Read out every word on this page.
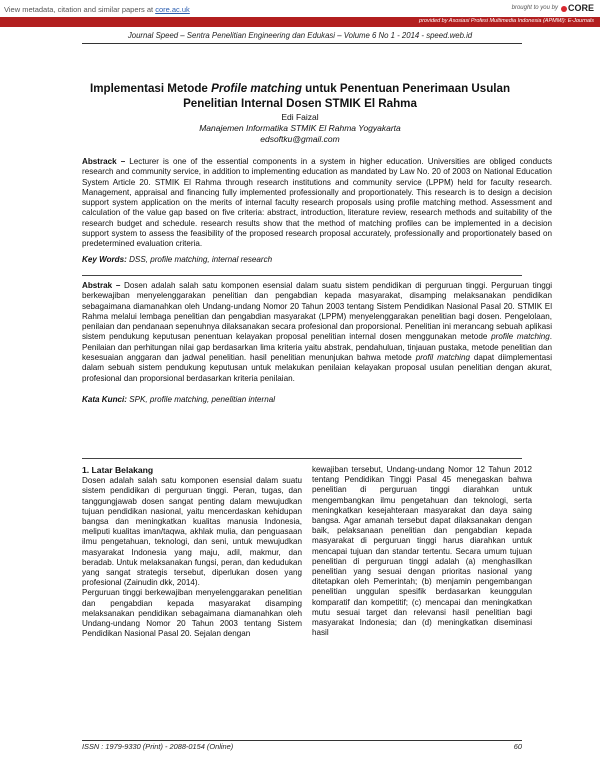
View metadata, citation and similar papers at core.ac.uk	brought to you by	CORE
provided by Asosiasi Profesi Multimedia Indonesia (APMMI): E-Journals
Journal Speed – Sentra Penelitian Engineering dan Edukasi – Volume 6 No 1 - 2014 - speed.web.id
Implementasi Metode Profile matching untuk Penentuan Penerimaan Usulan
Penelitian Internal Dosen STMIK El Rahma
Edi Faizal
Manajemen Informatika STMIK El Rahma Yogyakarta
edsoftku@gmail.com
Abstrack – Lecturer is one of the essential components in a system in higher education. Universities are obliged conducts research and community service, in addition to implementing education as mandated by Law No. 20 of 2003 on National Education System Article 20. STMIK El Rahma through research institutions and community service (LPPM) held for faculty research. Management, appraisal and financing fully implemented professionally and proportionately. This research is to design a decision support system application on the merits of internal faculty research proposals using profile matching method. Assessment and calculation of the value gap based on five criteria: abstract, introduction, literature review, research methods and suitability of the research budget and schedule. research results show that the method of matching profiles can be implemented in a decision support system to assess the feasibility of the proposed research proposal accurately, professionally and proportionately based on predetermined evaluation criteria.
Key Words: DSS, profile matching, internal research
Abstrak – Dosen adalah salah satu komponen esensial dalam suatu sistem pendidikan di perguruan tinggi. Perguruan tinggi berkewajiban menyelenggarakan penelitian dan pengabdian kepada masyarakat, disamping melaksanakan pendidikan sebagaimana diamanahkan oleh Undang-undang Nomor 20 Tahun 2003 tentang Sistem Pendidikan Nasional Pasal 20. STMIK El Rahma melalui lembaga penelitian dan pengabdian masyarakat (LPPM) menyelenggarakan penelitian bagi dosen. Pengelolaan, penilaian dan pendanaan sepenuhnya dilaksanakan secara profesional dan proporsional. Penelitian ini merancang sebuah aplikasi sistem pendukung keputusan penentuan kelayakan proposal penelitian internal dosen menggunakan metode profile matching. Penilaian dan perhitungan nilai gap berdasarkan lima kriteria yaitu abstrak, pendahuluan, tinjauan pustaka, metode penelitian dan kesesuaian anggaran dan jadwal penelitian. hasil penelitian menunjukan bahwa metode profil matching dapat diimplementasi dalam sebuah sistem pendukung keputusan untuk melakukan penilaian kelayakan proposal usulan penelitian dengan akurat, profesional dan proporsional berdasarkan kriteria penilaian.
Kata Kunci: SPK, profile matching, penelitian internal
1. Latar Belakang

Dosen adalah salah satu komponen esensial dalam suatu sistem pendidikan di perguruan tinggi. Peran, tugas, dan tanggungjawab dosen sangat penting dalam mewujudkan tujuan pendidikan nasional, yaitu mencerdaskan kehidupan bangsa dan meningkatkan kualitas manusia Indonesia, meliputi kualitas iman/taqwa, akhlak mulia, dan penguasaan ilmu pengetahuan, teknologi, dan seni, untuk mewujudkan masyarakat Indonesia yang maju, adil, makmur, dan beradab. Untuk melaksanakan fungsi, peran, dan kedudukan yang sangat strategis tersebut, diperlukan dosen yang profesional (Zainudin dkk, 2014).

Perguruan tinggi berkewajiban menyelenggarakan penelitian dan pengabdian kepada masyarakat disamping melaksanakan pendidikan sebagaimana diamanahkan oleh Undang-undang Nomor 20 Tahun 2003 tentang Sistem Pendidikan Nasional Pasal 20. Sejalan dengan

kewajiban tersebut, Undang-undang Nomor 12 Tahun 2012 tentang Pendidikan Tinggi Pasal 45 menegaskan bahwa penelitian di perguruan tinggi diarahkan untuk mengembangkan ilmu pengetahuan dan teknologi, serta meningkatkan kesejahteraan masyarakat dan daya saing bangsa. Agar amanah tersebut dapat dilaksanakan dengan baik, pelaksanaan penelitian dan pengabdian kepada masyarakat di perguruan tinggi harus diarahkan untuk mencapai tujuan dan standar tertentu. Secara umum tujuan penelitian di perguruan tinggi adalah (a) menghasilkan penelitian yang sesuai dengan prioritas nasional yang ditetapkan oleh Pemerintah; (b) menjamin pengembangan penelitian unggulan spesifik berdasarkan keunggulan komparatif dan kompetitif; (c) mencapai dan meningkatkan mutu sesuai target dan relevansi hasil penelitian bagi masyarakat Indonesia; dan (d) meningkatkan diseminasi hasil

ISSN : 1979-9330 (Print) - 2088-0154 (Online)	60
